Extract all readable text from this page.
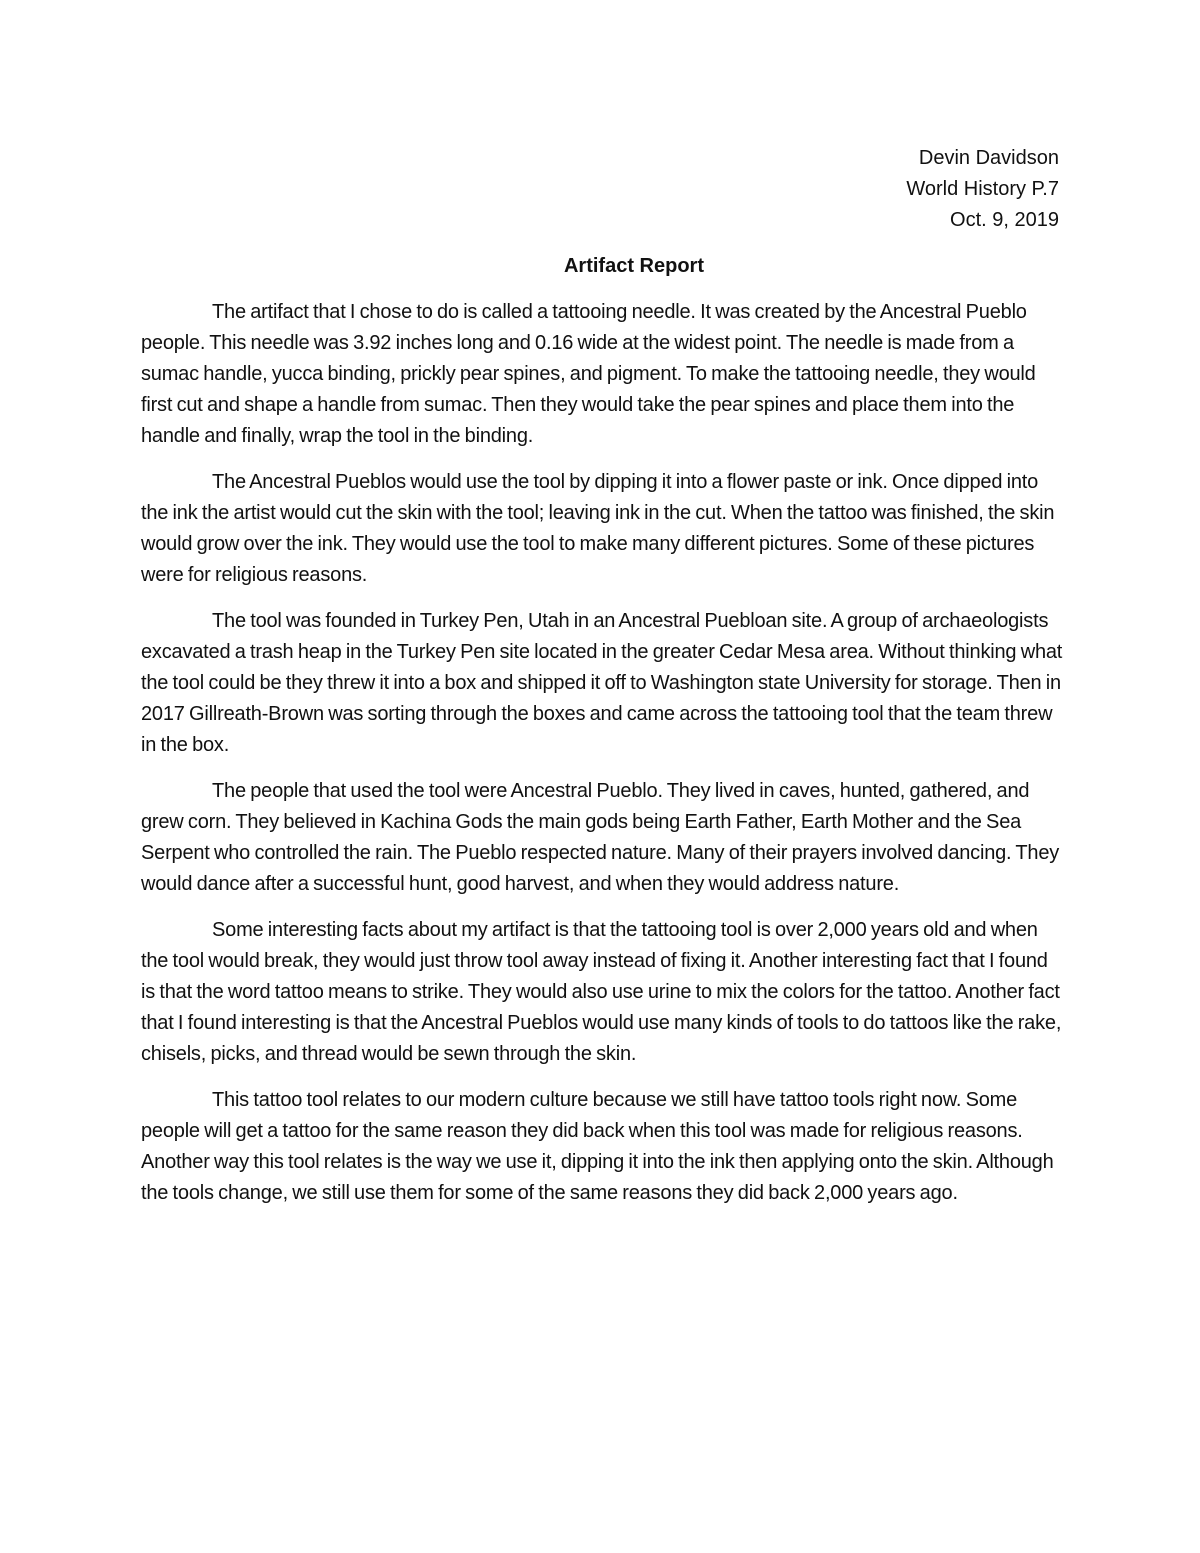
Devin Davidson
World History P.7
Oct. 9, 2019
Artifact Report

The artifact that I chose to do is called a tattooing needle. It was created by the Ancestral Pueblo people. This needle was 3.92 inches long and 0.16 wide at the widest point. The needle is made from a sumac handle, yucca binding, prickly pear spines, and pigment. To make the tattooing needle, they would first cut and shape a handle from sumac. Then they would take the pear spines and place them into the handle and finally, wrap the tool in the binding.

The Ancestral Pueblos would use the tool by dipping it into a flower paste or ink. Once dipped into the ink the artist would cut the skin with the tool; leaving ink in the cut. When the tattoo was finished, the skin would grow over the ink. They would use the tool to make many different pictures. Some of these pictures were for religious reasons.

The tool was founded in Turkey Pen, Utah in an Ancestral Puebloan site. A group of archaeologists excavated a trash heap in the Turkey Pen site located in the greater Cedar Mesa area. Without thinking what the tool could be they threw it into a box and shipped it off to Washington state University for storage. Then in 2017 Gillreath-Brown was sorting through the boxes and came across the tattooing tool that the team threw in the box.

The people that used the tool were Ancestral Pueblo. They lived in caves, hunted, gathered, and grew corn. They believed in Kachina Gods the main gods being Earth Father, Earth Mother and the Sea Serpent who controlled the rain. The Pueblo respected nature. Many of their prayers involved dancing. They would dance after a successful hunt, good harvest, and when they would address nature.

Some interesting facts about my artifact is that the tattooing tool is over 2,000 years old and when the tool would break, they would just throw tool away instead of fixing it. Another interesting fact that I found is that the word tattoo means to strike. They would also use urine to mix the colors for the tattoo. Another fact that I found interesting is that the Ancestral Pueblos would use many kinds of tools to do tattoos like the rake, chisels, picks, and thread would be sewn through the skin.

This tattoo tool relates to our modern culture because we still have tattoo tools right now. Some people will get a tattoo for the same reason they did back when this tool was made for religious reasons. Another way this tool relates is the way we use it, dipping it into the ink then applying onto the skin. Although the tools change, we still use them for some of the same reasons they did back 2,000 years ago.
